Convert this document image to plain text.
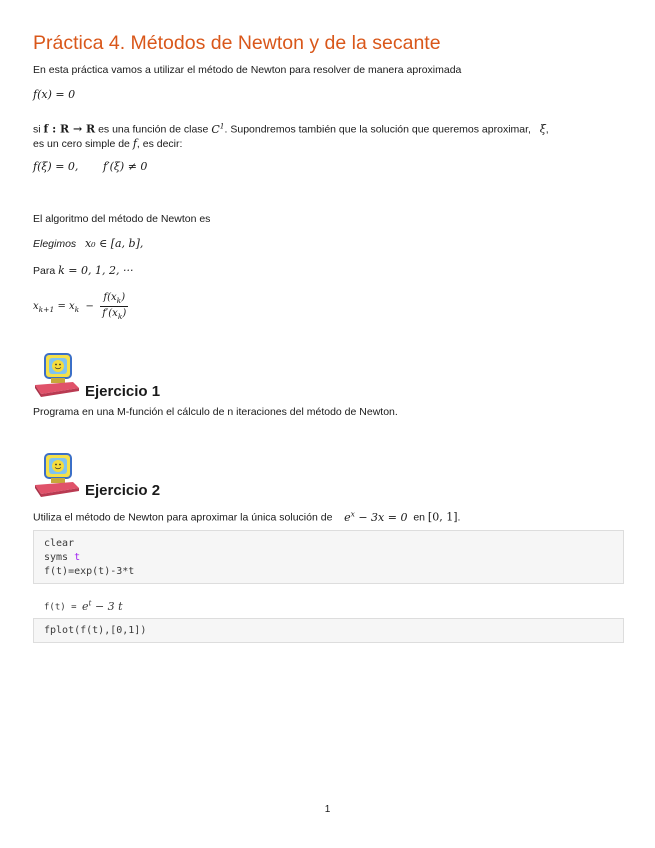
Práctica 4. Métodos de Newton y de la secante
En esta práctica vamos a utilizar el método de Newton para resolver de manera aproximada
f(x) = 0
si f : R → R es una función de clase $C^1$. Supondremos también que la solución que queremos aproximar, ξ,
es un cero simple de f, es decir:
f(ξ) = 0, f′(ξ) ≠ 0
El algoritmo del método de Newton es
Elegimos x₀ ∈ [a, b],
Para k = 0, 1, 2, ···
$x_{k+1} = x_k - \frac{f(x_k)}{f'(x_k)}$
Ejercicio 1
Programa en una M-función el cálculo de n iteraciones del método de Newton.
Ejercicio 2
Utiliza el método de Newton para aproximar la única solución de $e^x - 3x = 0$ en [0, 1].
clear
syms t
f(t)=exp(t)-3*t
$f(t) = e^t - 3$ t
fplot(f(t),[0,1])
1
